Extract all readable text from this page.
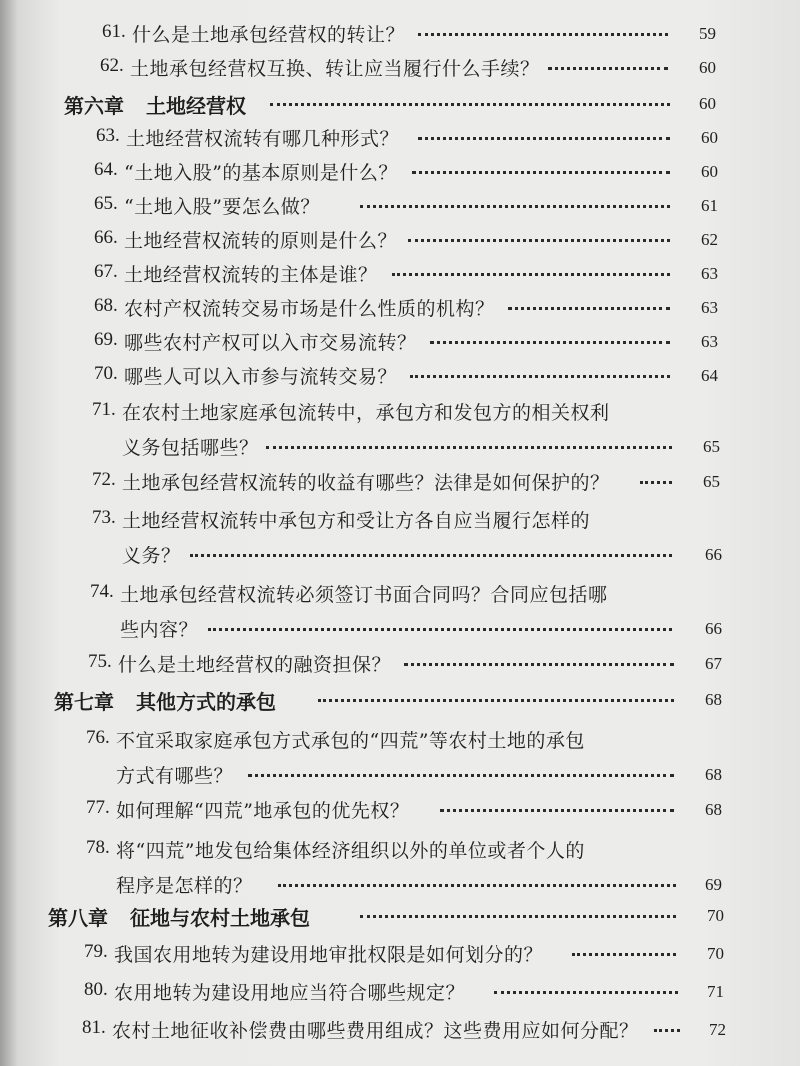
61. 什么是土地承包经营权的转让？	59
62. 土地承包经营权互换、转让应当履行什么手续？	60
第六章 土地经营权	60
63. 土地经营权流转有哪几种形式？	60
64. “土地入股”的基本原则是什么？	60
65. “土地入股”要怎么做？	61
66. 土地经营权流转的原则是什么？	62
67. 土地经营权流转的主体是谁？	63
68. 农村产权流转交易市场是什么性质的机构？	63
69. 哪些农村产权可以入市交易流转？	63
70. 哪些人可以入市参与流转交易？	64
71. 在农村土地家庭承包流转中，承包方和发包方的相关权利
义务包括哪些？	65
72. 土地承包经营权流转的收益有哪些？法律是如何保护的？	65
73. 土地经营权流转中承包方和受让方各自应当履行怎样的
义务？	66
74. 土地承包经营权流转必须签订书面合同吗？合同应包括哪
些内容？	66
75. 什么是土地经营权的融资担保？	67
第七章 其他方式的承包	68
76. 不宜采取家庭承包方式承包的“四荒”等农村土地的承包
方式有哪些？	68
77. 如何理解“四荒”地承包的优先权？	68
78. 将“四荒”地发包给集体经济组织以外的单位或者个人的
程序是怎样的？	69
第八章 征地与农村土地承包	70
79. 我国农用地转为建设用地审批权限是如何划分的？	70
80. 农用地转为建设用地应当符合哪些规定？	71
81. 农村土地征收补偿费由哪些费用组成？这些费用应如何分配？	72
